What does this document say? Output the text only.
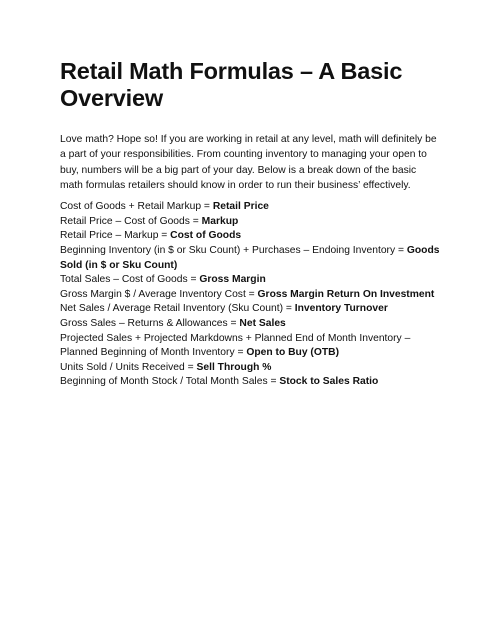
Retail Math Formulas – A Basic Overview

Love math? Hope so! If you are working in retail at any level, math will definitely be a part of your responsibilities. From counting inventory to managing your open to buy, numbers will be a big part of your day. Below is a break down of the basic math formulas retailers should know in order to run their business’ effectively.

Cost of Goods + Retail Markup = Retail Price
Retail Price – Cost of Goods = Markup
Retail Price – Markup = Cost of Goods
Beginning Inventory (in $ or Sku Count) + Purchases – Endoing Inventory = Goods Sold (in $ or Sku Count)
Total Sales – Cost of Goods = Gross Margin
Gross Margin $ / Average Inventory Cost = Gross Margin Return On Investment
Net Sales / Average Retail Inventory (Sku Count) = Inventory Turnover
Gross Sales – Returns & Allowances = Net Sales
Projected Sales + Projected Markdowns + Planned End of Month Inventory – Planned Beginning of Month Inventory = Open to Buy (OTB)
Units Sold / Units Received = Sell Through %
Beginning of Month Stock / Total Month Sales = Stock to Sales Ratio
